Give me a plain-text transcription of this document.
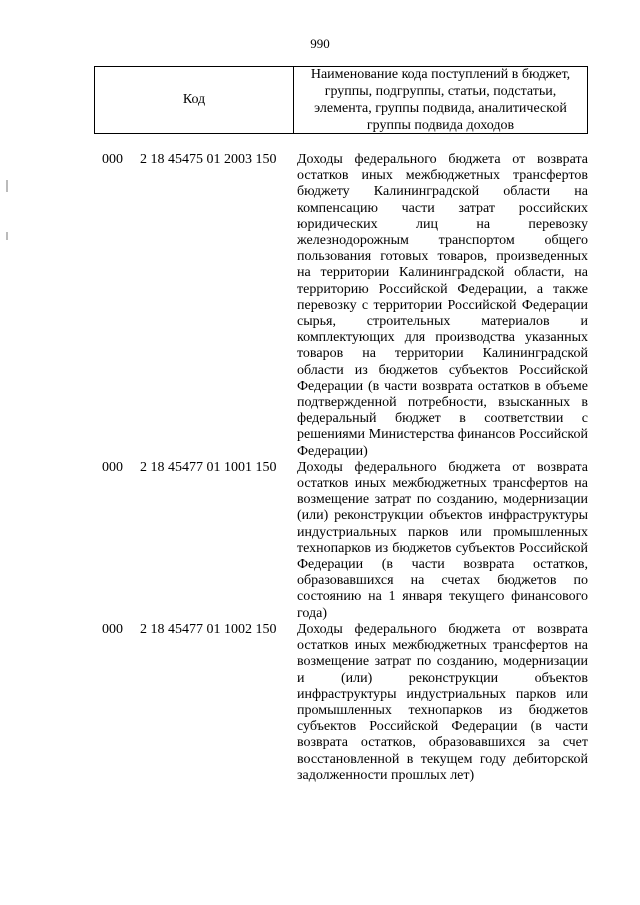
990
Код
Наименование кода поступлений в бюджет, группы, подгруппы, статьи, подстатьи, элемента, группы подвида, аналитической группы подвида доходов
000 2 18 45475 01 2003 150 Доходы федерального бюджета от возврата остатков иных межбюджетных трансфертов бюджету Калининградской области на компенсацию части затрат российских юридических лиц на перевозку железнодорожным транспортом общего пользования готовых товаров, произведенных на территории Калининградской области, на территорию Российской Федерации, а также перевозку с территории Российской Федерации сырья, строительных материалов и комплектующих для производства указанных товаров на территории Калининградской области из бюджетов субъектов Российской Федерации (в части возврата остатков в объеме подтвержденной потребности, взысканных в федеральный бюджет в соответствии с решениями Министерства финансов Российской Федерации)
000 2 18 45477 01 1001 150 Доходы федерального бюджета от возврата остатков иных межбюджетных трансфертов на возмещение затрат по созданию, модернизации (или) реконструкции объектов инфраструктуры индустриальных парков или промышленных технопарков из бюджетов субъектов Российской Федерации (в части возврата остатков, образовавшихся на счетах бюджетов по состоянию на 1 января текущего финансового года)
000 2 18 45477 01 1002 150 Доходы федерального бюджета от возврата остатков иных межбюджетных трансфертов на возмещение затрат по созданию, модернизации и (или) реконструкции объектов инфраструктуры индустриальных парков или промышленных технопарков из бюджетов субъектов Российской Федерации (в части возврата остатков, образовавшихся за счет восстановленной в текущем году дебиторской задолженности прошлых лет)
